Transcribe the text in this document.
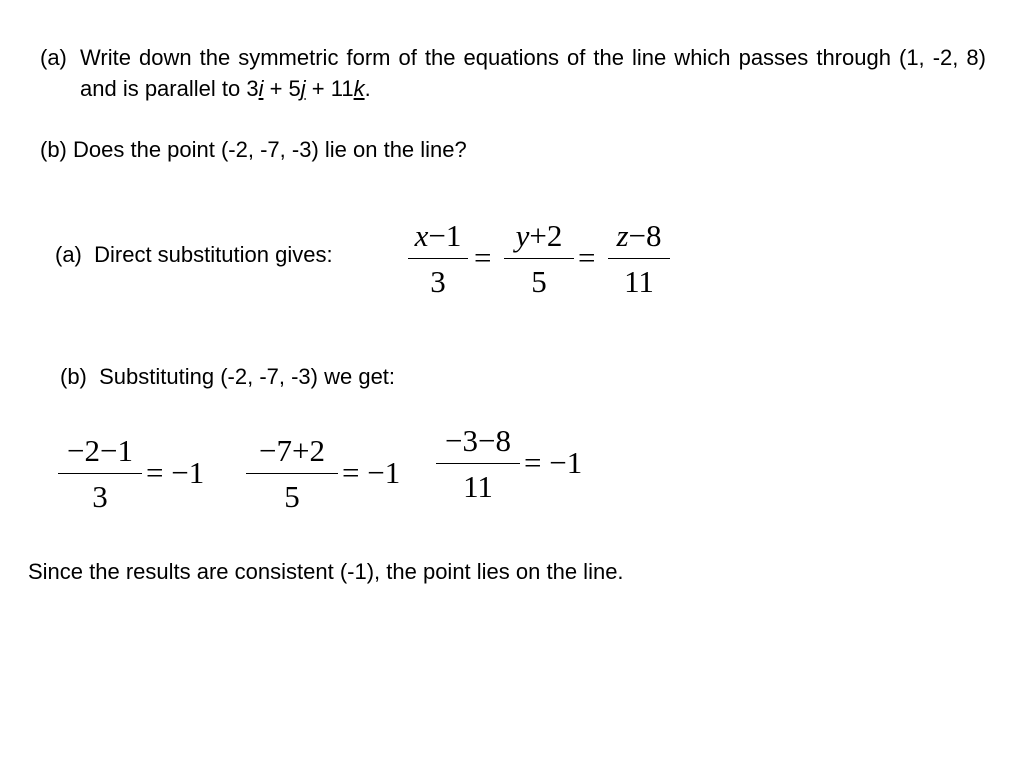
(a) Write down the symmetric form of the equations of the line which passes through (1, -2, 8) and is parallel to 3i + 5j + 11k.
(b) Does the point (-2, -7, -3) lie on the line?
(a) Direct substitution gives:
x−1
3
=
y+2
5
=
z−8
11
(b) Substituting (-2, -7, -3) we get:
−2−1
3
= −1
−7+2
5
= −1
−3−8
11
= −1
Since the results are consistent (-1), the point lies on the line.
